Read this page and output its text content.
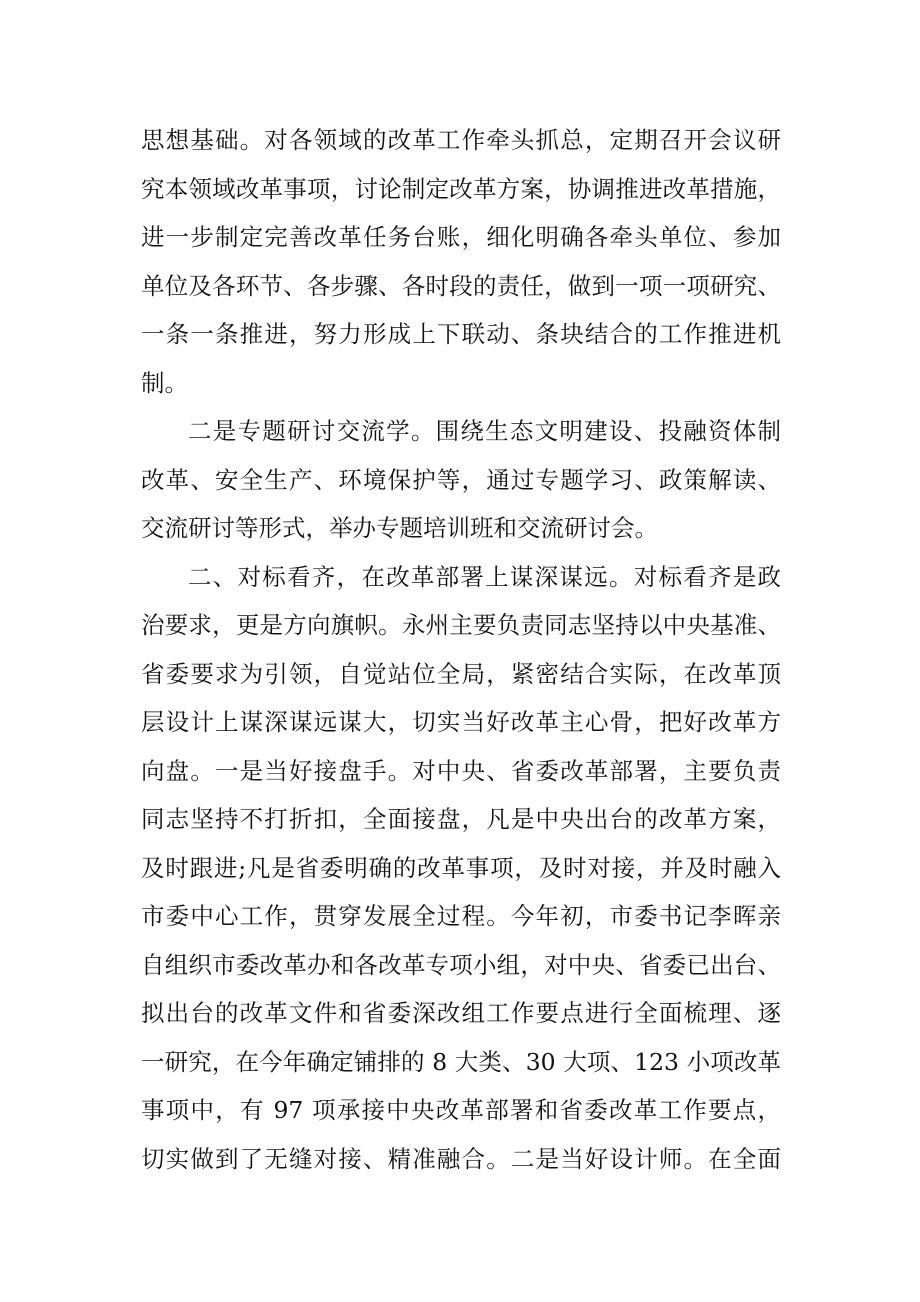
思想基础。对各领域的改革工作牵头抓总，定期召开会议研
究本领域改革事项，讨论制定改革方案，协调推进改革措施，
进一步制定完善改革任务台账，细化明确各牵头单位、参加
单位及各环节、各步骤、各时段的责任，做到一项一项研究、
一条一条推进，努力形成上下联动、条块结合的工作推进机
制。
二是专题研讨交流学。围绕生态文明建设、投融资体制
改革、安全生产、环境保护等，通过专题学习、政策解读、
交流研讨等形式，举办专题培训班和交流研讨会。
二、对标看齐，在改革部署上谋深谋远。对标看齐是政
治要求，更是方向旗帜。永州主要负责同志坚持以中央基准、
省委要求为引领，自觉站位全局，紧密结合实际，在改革顶
层设计上谋深谋远谋大，切实当好改革主心骨，把好改革方
向盘。一是当好接盘手。对中央、省委改革部署，主要负责
同志坚持不打折扣，全面接盘，凡是中央出台的改革方案，
及时跟进;凡是省委明确的改革事项，及时对接，并及时融入
市委中心工作，贯穿发展全过程。今年初，市委书记李晖亲
自组织市委改革办和各改革专项小组，对中央、省委已出台、
拟出台的改革文件和省委深改组工作要点进行全面梳理、逐
一研究，在今年确定铺排的 8 大类、30 大项、123 小项改革
事项中，有 97 项承接中央改革部署和省委改革工作要点，
切实做到了无缝对接、精准融合。二是当好设计师。在全面
